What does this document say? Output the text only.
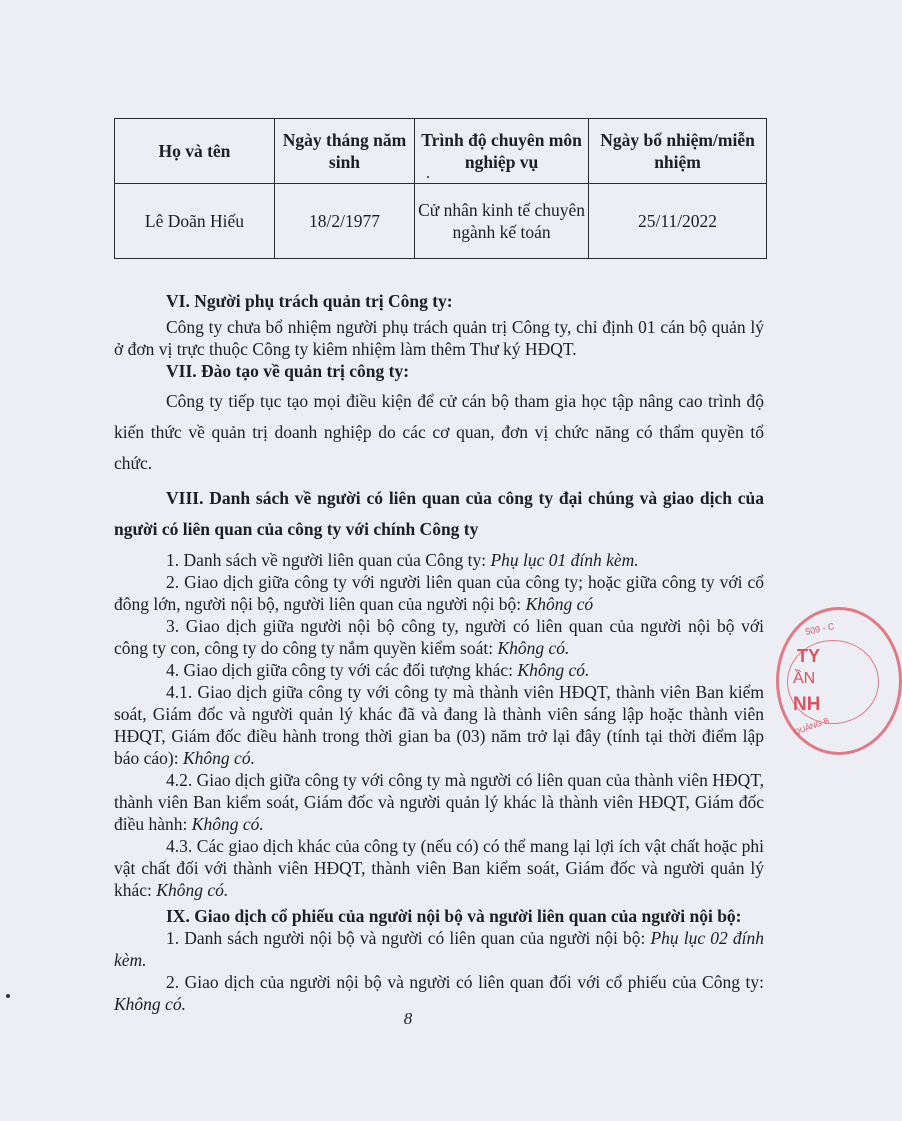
Họ và tên	Ngày tháng năm sinh	Trình độ chuyên môn nghiệp vụ	Ngày bổ nhiệm/miễn nhiệm
Lê Doãn Hiếu	18/2/1977	Cử nhân kinh tế chuyên ngành kế toán	25/11/2022

VI. Người phụ trách quản trị Công ty:

Công ty chưa bổ nhiệm người phụ trách quản trị Công ty, chỉ định 01 cán bộ quản lý ở đơn vị trực thuộc Công ty kiêm nhiệm làm thêm Thư ký HĐQT.

VII. Đào tạo về quản trị công ty:

Công ty tiếp tục tạo mọi điều kiện để cử cán bộ tham gia học tập nâng cao trình độ kiến thức về quản trị doanh nghiệp do các cơ quan, đơn vị chức năng có thẩm quyền tổ chức.

VIII. Danh sách về người có liên quan của công ty đại chúng và giao dịch của người có liên quan của công ty với chính Công ty

1. Danh sách về người liên quan của Công ty: Phụ lục 01 đính kèm.

2. Giao dịch giữa công ty với người liên quan của công ty; hoặc giữa công ty với cổ đông lớn, người nội bộ, người liên quan của người nội bộ: Không có

3. Giao dịch giữa người nội bộ công ty, người có liên quan của người nội bộ với công ty con, công ty do công ty nắm quyền kiểm soát: Không có.

4. Giao dịch giữa công ty với các đối tượng khác: Không có.

4.1. Giao dịch giữa công ty với công ty mà thành viên HĐQT, thành viên Ban kiểm soát, Giám đốc và người quản lý khác đã và đang là thành viên sáng lập hoặc thành viên HĐQT, Giám đốc điều hành trong thời gian ba (03) năm trở lại đây (tính tại thời điểm lập báo cáo): Không có.

4.2. Giao dịch giữa công ty với công ty mà người có liên quan của thành viên HĐQT, thành viên Ban kiểm soát, Giám đốc và người quản lý khác là thành viên HĐQT, Giám đốc điều hành: Không có.

4.3. Các giao dịch khác của công ty (nếu có) có thể mang lại lợi ích vật chất hoặc phi vật chất đối với thành viên HĐQT, thành viên Ban kiểm soát, Giám đốc và người quản lý khác: Không có.

IX. Giao dịch cổ phiếu của người nội bộ và người liên quan của người nội bộ:

1. Danh sách người nội bộ và người có liên quan của người nội bộ: Phụ lục 02 đính kèm.

2. Giao dịch của người nội bộ và người có liên quan đối với cổ phiếu của Công ty: Không có.

8
509 - C
TY
ẦN
NH
QUẢNG B
